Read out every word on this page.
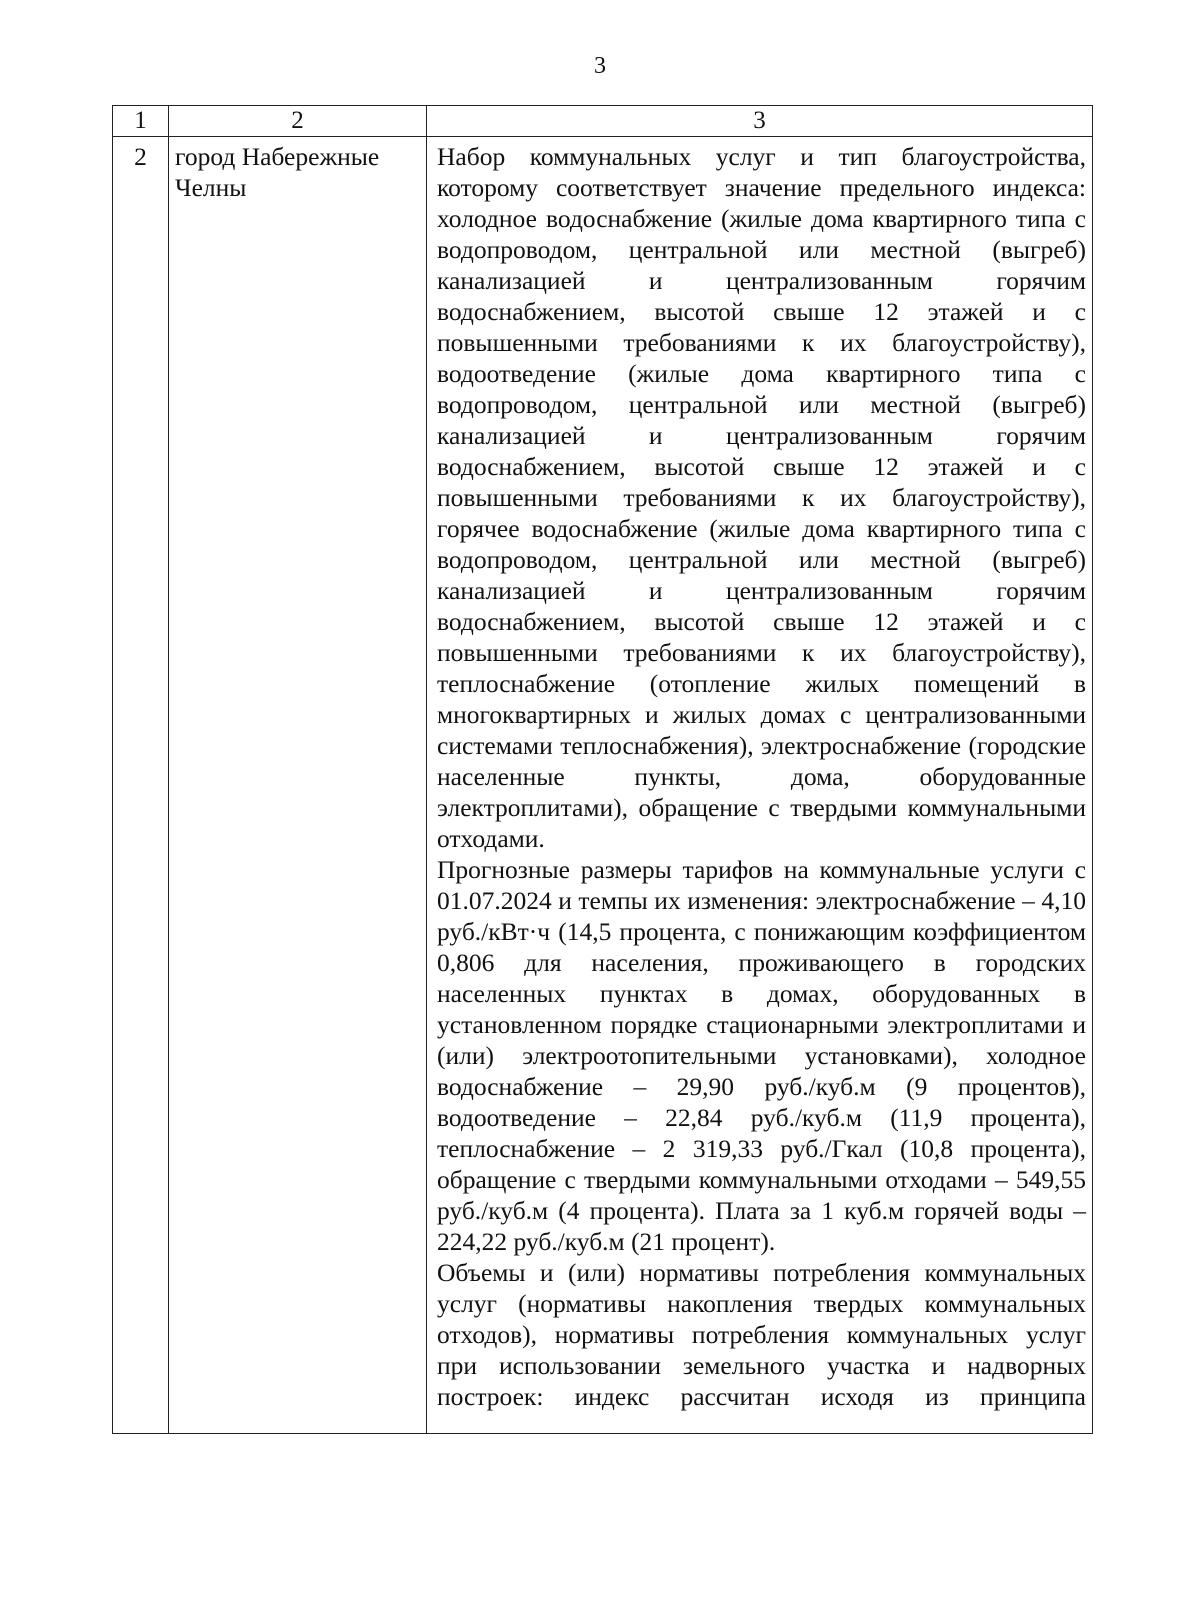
3
1	2	3
2	город Набережные Челны	Набор коммунальных услуг и тип благоустройства, которому соответствует значение предельного индекса: холодное водоснабжение (жилые дома квартирного типа с водопроводом, центральной или местной (выгреб) канализацией и централизованным горячим водоснабжением, высотой свыше 12 этажей и с повышенными требованиями к их благоустройству), водоотведение (жилые дома квартирного типа с водопроводом, центральной или местной (выгреб) канализацией и централизованным горячим водоснабжением, высотой свыше 12 этажей и с повышенными требованиями к их благоустройству), горячее водоснабжение (жилые дома квартирного типа с водопроводом, центральной или местной (выгреб) канализацией и централизованным горячим водоснабжением, высотой свыше 12 этажей и с повышенными требованиями к их благоустройству), теплоснабжение (отопление жилых помещений в многоквартирных и жилых домах с централизованными системами теплоснабжения), электроснабжение (городские населенные пункты, дома, оборудованные электроплитами), обращение с твердыми коммунальными отходами.

Прогнозные размеры тарифов на коммунальные услуги с 01.07.2024 и темпы их изменения: электроснабжение – 4,10 руб./кВт·ч (14,5 процента, с понижающим коэффициентом 0,806 для населения, проживающего в городских населенных пунктах в домах, оборудованных в установленном порядке стационарными электроплитами и (или) электроотопительными установками), холодное водоснабжение – 29,90 руб./куб.м (9 процентов), водоотведение – 22,84 руб./куб.м (11,9 процента), теплоснабжение – 2 319,33 руб./Гкал (10,8 процента), обращение с твердыми коммунальными отходами – 549,55 руб./куб.м (4 процента). Плата за 1 куб.м горячей воды – 224,22 руб./куб.м (21 процент).

Объемы и (или) нормативы потребления коммунальных услуг (нормативы накопления твердых коммунальных отходов), нормативы потребления коммунальных услуг при использовании земельного участка и надворных построек: индекс рассчитан исходя из принципа
